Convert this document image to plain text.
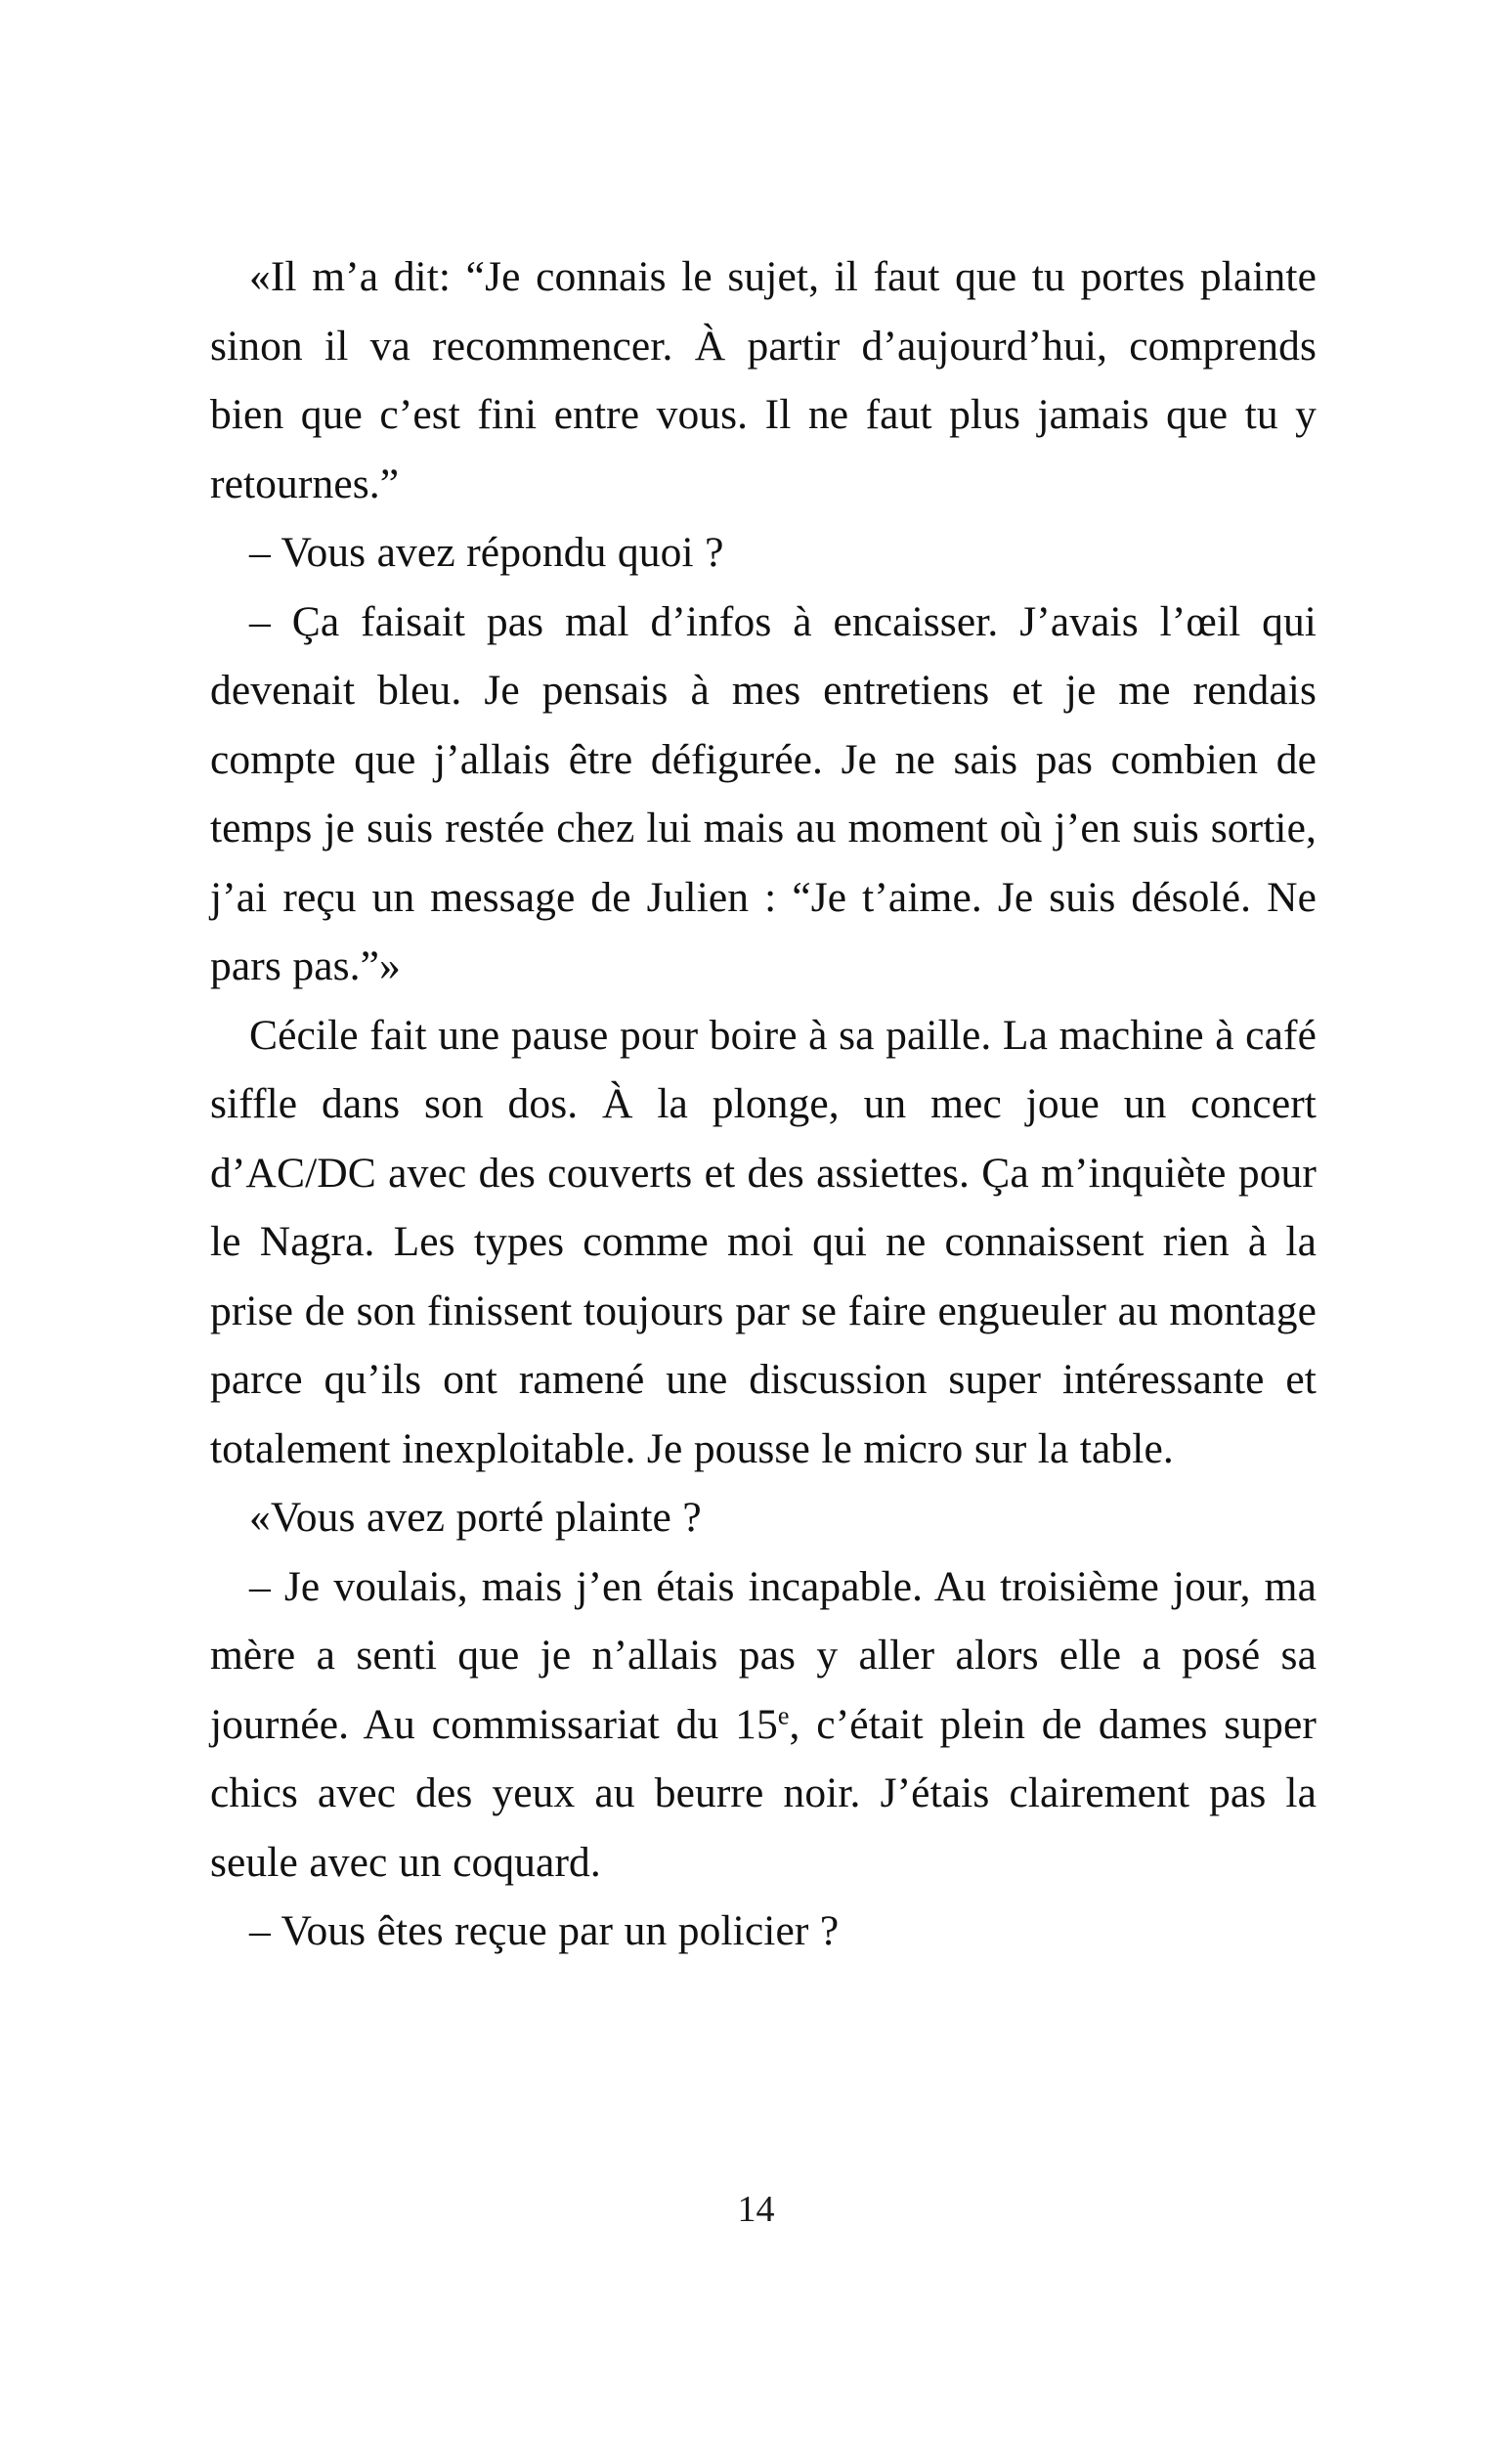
«Il m’a dit: “Je connais le sujet, il faut que tu portes plainte sinon il va recommencer. À partir d’aujourd’hui, comprends bien que c’est fini entre vous. Il ne faut plus jamais que tu y retournes.”

– Vous avez répondu quoi ?

– Ça faisait pas mal d’infos à encaisser. J’avais l’œil qui devenait bleu. Je pensais à mes entretiens et je me rendais compte que j’allais être défigurée. Je ne sais pas combien de temps je suis restée chez lui mais au moment où j’en suis sortie, j’ai reçu un message de Julien : “Je t’aime. Je suis désolé. Ne pars pas.”»

Cécile fait une pause pour boire à sa paille. La machine à café siffle dans son dos. À la plonge, un mec joue un concert d’AC/DC avec des couverts et des assiettes. Ça m’inquiète pour le Nagra. Les types comme moi qui ne connaissent rien à la prise de son finissent toujours par se faire engueuler au montage parce qu’ils ont ramené une discussion super intéressante et totalement inexploitable. Je pousse le micro sur la table.

«Vous avez porté plainte ?

– Je voulais, mais j’en étais incapable. Au troisième jour, ma mère a senti que je n’allais pas y aller alors elle a posé sa journée. Au commissariat du 15e, c’était plein de dames super chics avec des yeux au beurre noir. J’étais clairement pas la seule avec un coquard.

– Vous êtes reçue par un policier ?

14
